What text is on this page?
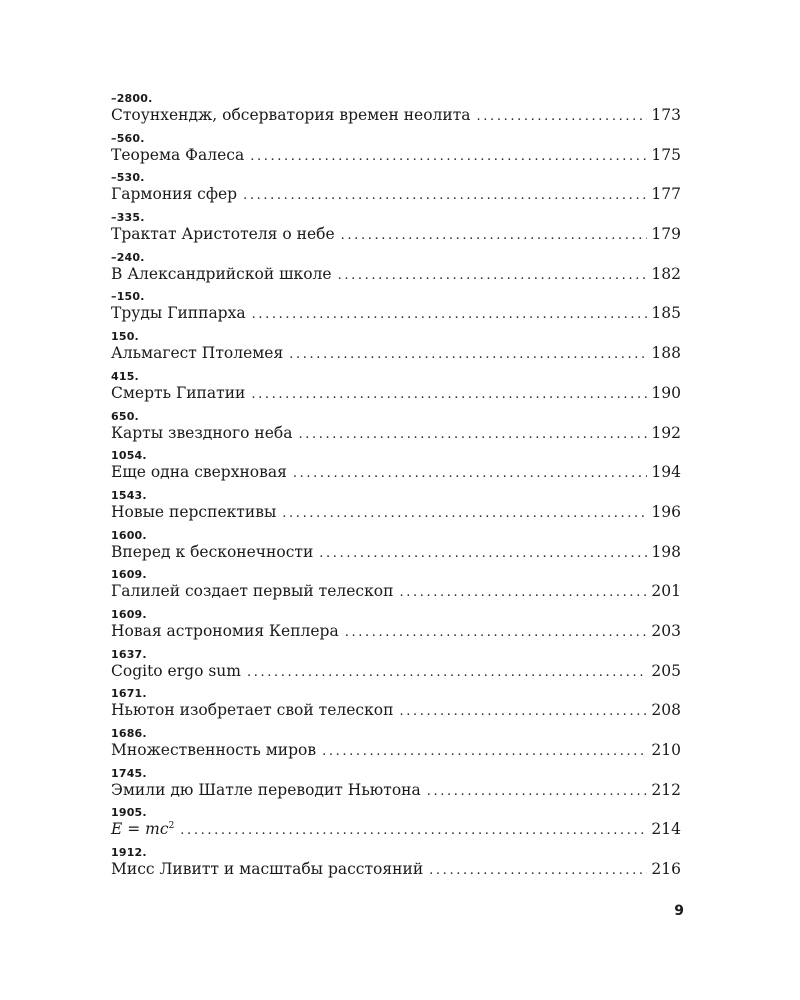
–2800.
Стоунхендж, обсерватория времен неолита . . .	173
–560.
Теорема Фалеса . . .	175
–530.
Гармония сфер . . .	177
–335.
Трактат Аристотеля о небе . . .	179
–240.
В Александрийской школе . . .	182
–150.
Труды Гиппарха . . .	185
150.
Альмагест Птолемея . . .	188
415.
Смерть Гипатии . . .	190
650.
Карты звездного неба . . .	192
1054.
Еще одна сверхновая . . .	194
1543.
Новые перспективы . . .	196
1600.
Вперед к бесконечности . . .	198
1609.
Галилей создает первый телескоп . . .	201
1609.
Новая астрономия Кеплера . . .	203
1637.
Cogito ergo sum . . .	205
1671.
Ньютон изобретает свой телескоп . . .	208
1686.
Множественность миров . . .	210
1745.
Эмили дю Шатле переводит Ньютона . . .	212
1905.
$E = mc^2$ . . .	214
1912.
Мисс Ливитт и масштабы расстояний . . .	216
9
